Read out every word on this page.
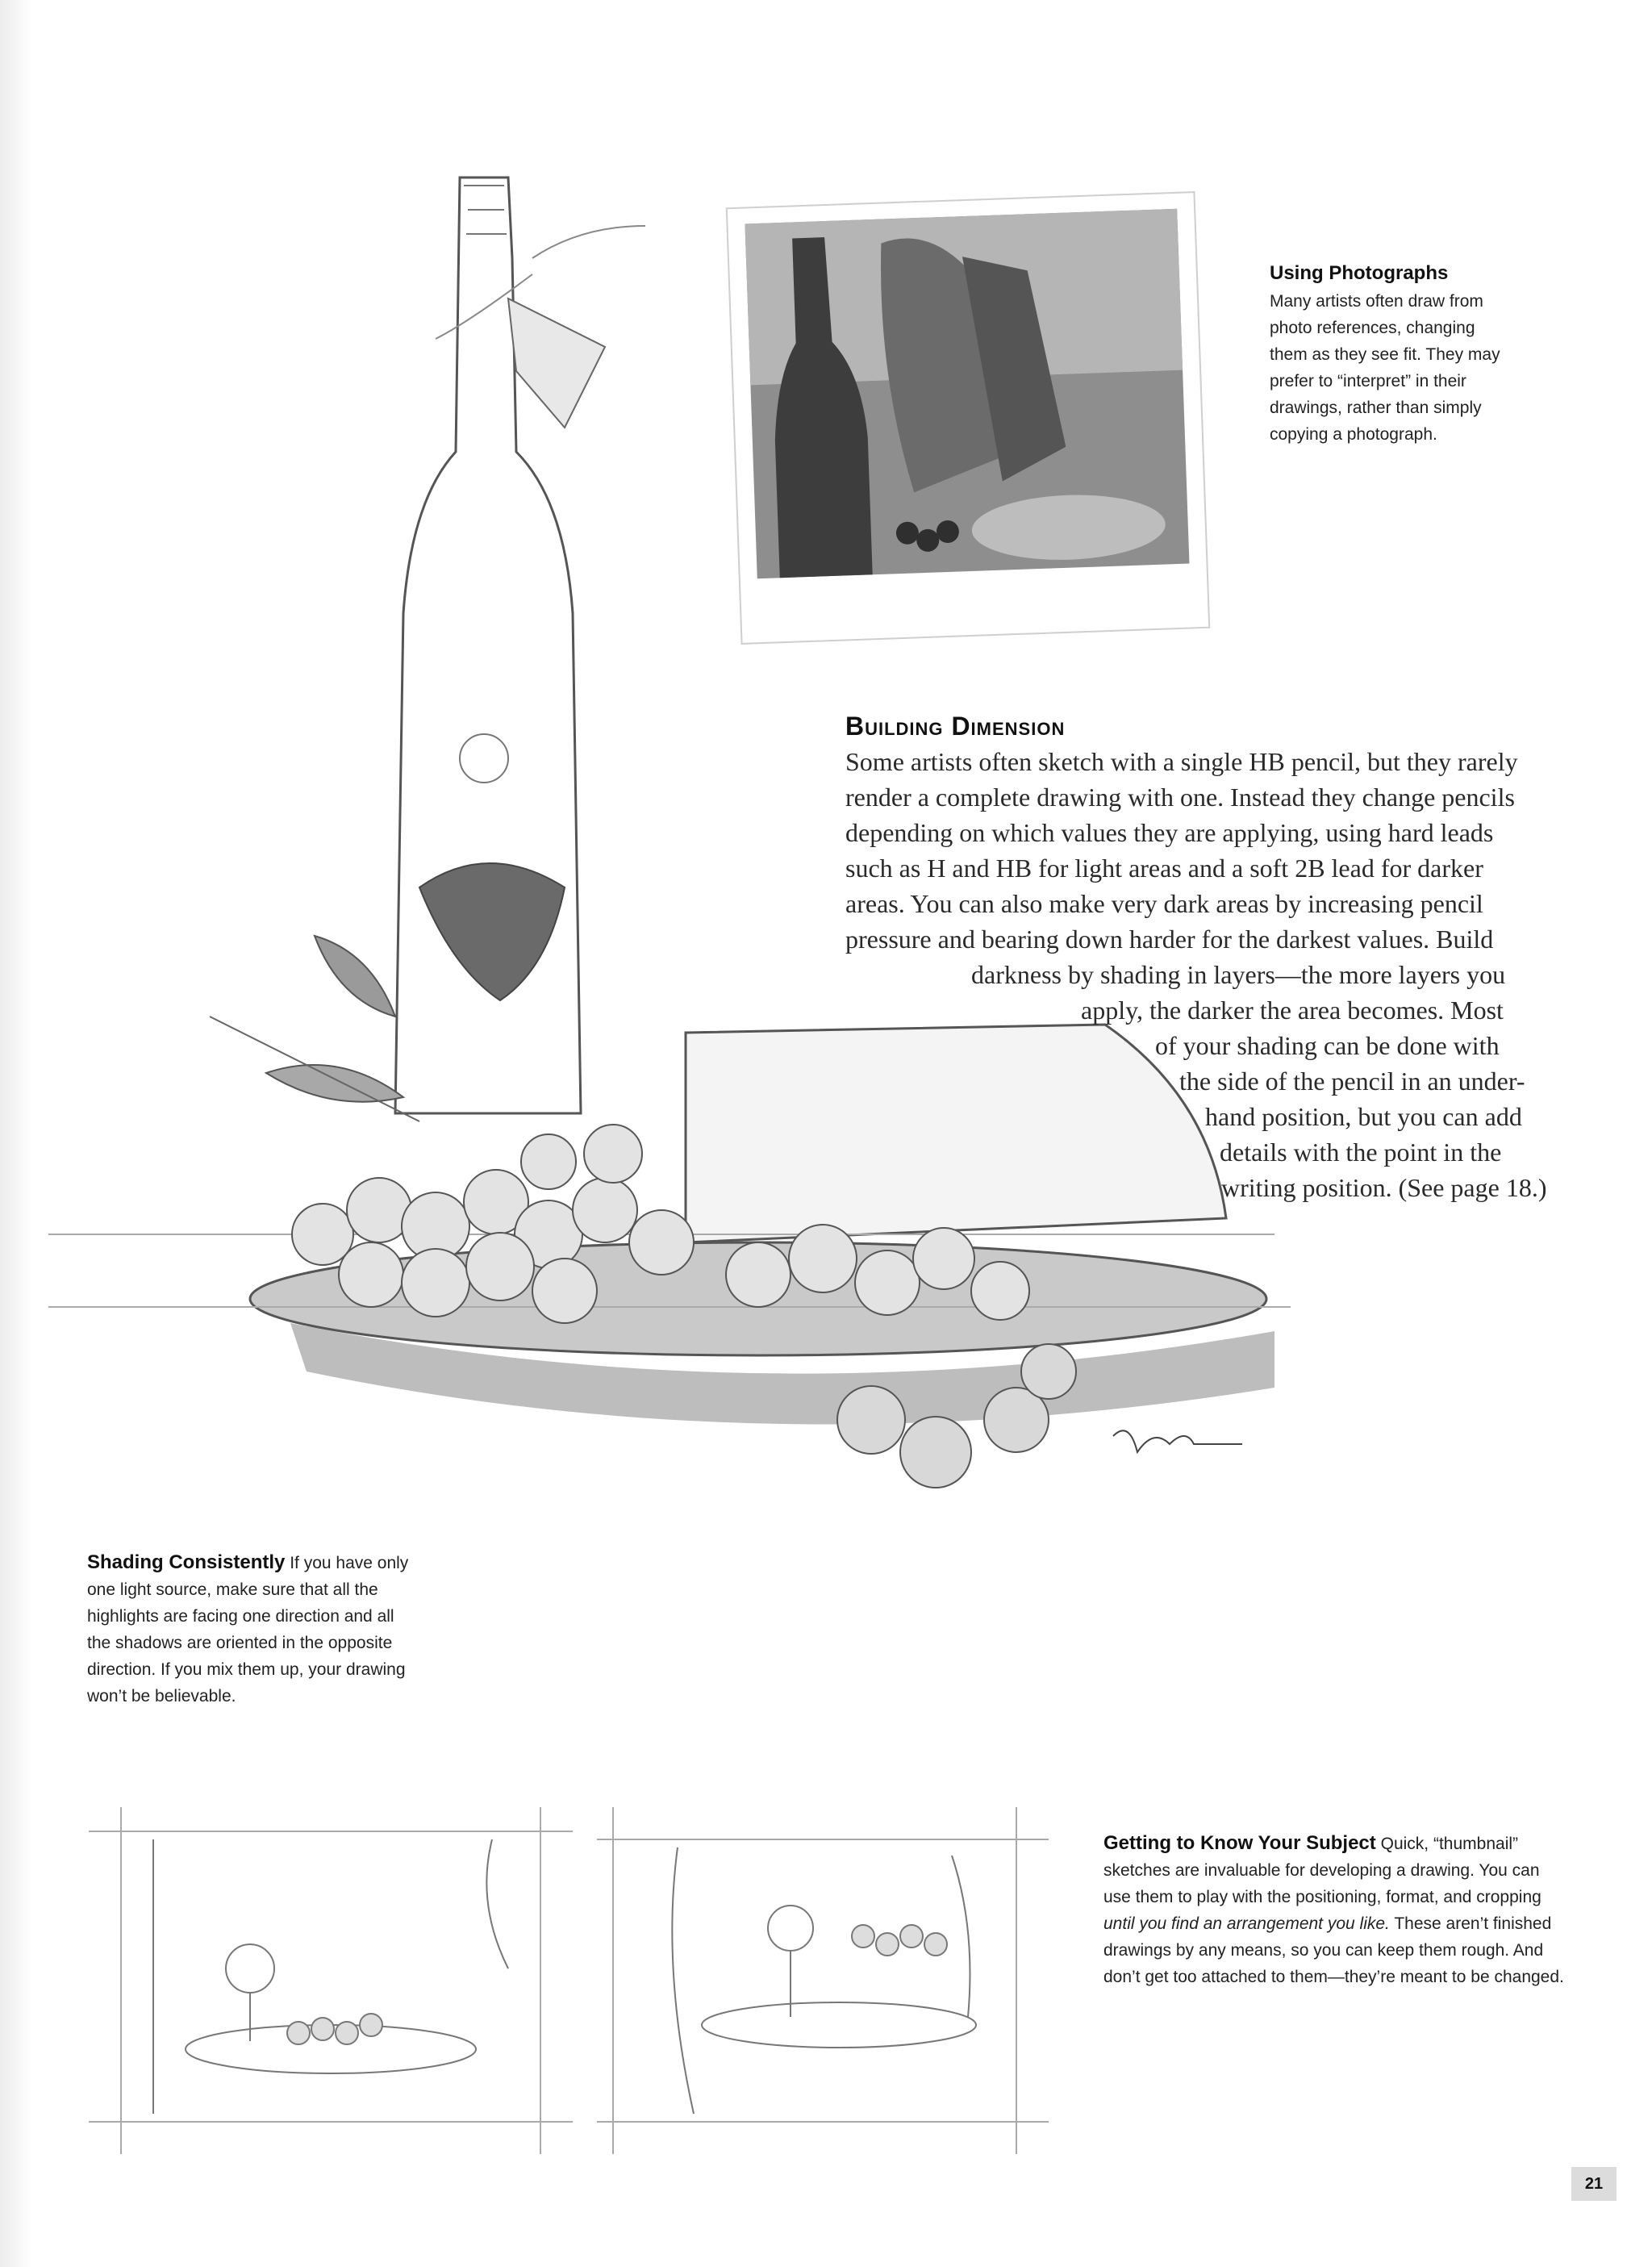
Using Photographs
Many artists often draw from photo references, changing them as they see fit. They may prefer to “interpret” in their drawings, rather than simply copying a photograph.

Building Dimension

Some artists often sketch with a single HB pencil, but they rarely

render a complete drawing with one. Instead they change pencils

depending on which values they are applying, using hard leads

such as H and HB for light areas and a soft 2B lead for darker

areas. You can also make very dark areas by increasing pencil

pressure and bearing down harder for the darkest values. Build

darkness by shading in layers—the more layers you

apply, the darker the area becomes. Most

of your shading can be done with

the side of the pencil in an under-

hand position, but you can add

details with the point in the

writing position. (See page 18.)

Shading Consistently If you have only one light source, make sure that all the highlights are facing one direction and all the shadows are oriented in the opposite direction. If you mix them up, your drawing won’t be believable.

Getting to Know Your Subject Quick, “thumbnail” sketches are invaluable for developing a drawing. You can use them to play with the positioning, format, and cropping until you find an arrangement you like. These aren’t finished drawings by any means, so you can keep them rough. And don’t get too attached to them—they’re meant to be changed.

21
